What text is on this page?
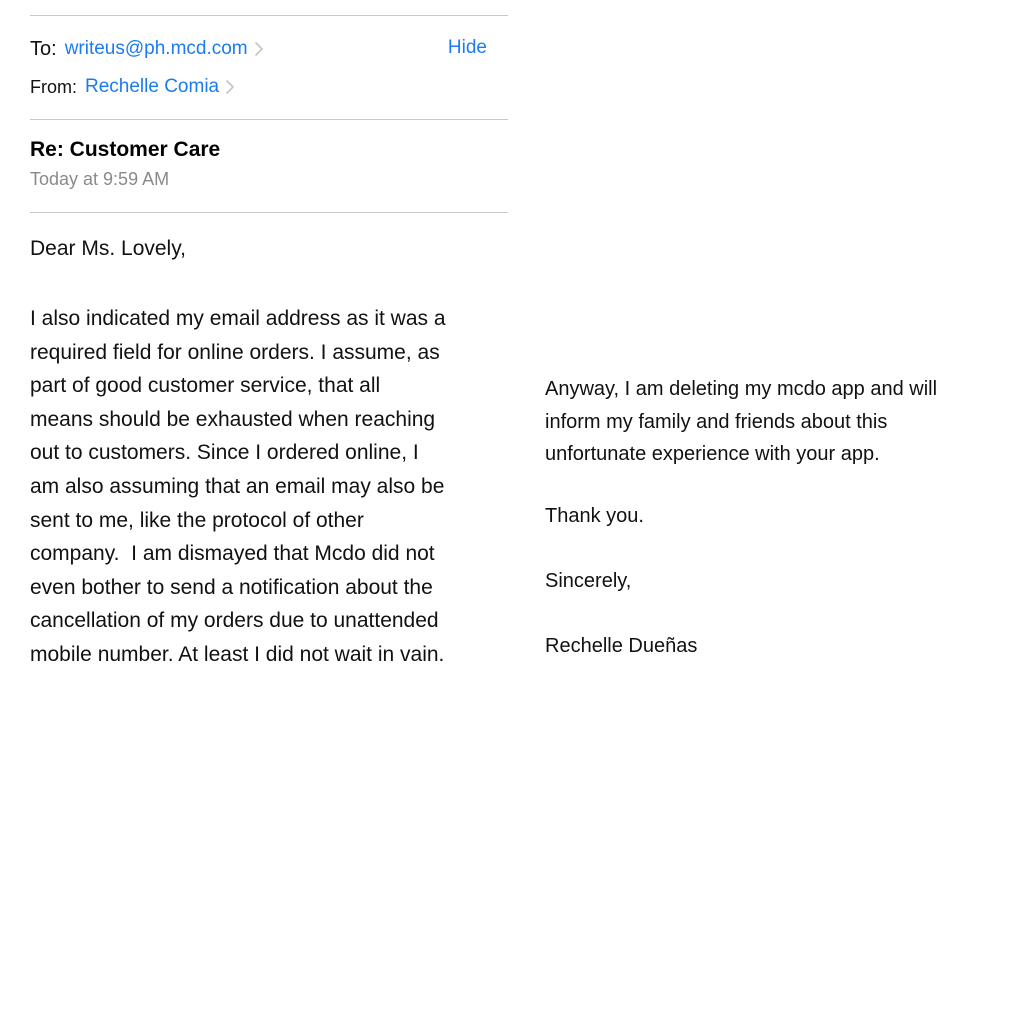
To: writeus@ph.mcd.com	Hide
From: Rechelle Comia
Re: Customer Care
Today at 9:59 AM
Dear Ms. Lovely,
I also indicated my email address as it was a
required field for online orders. I assume, as
part of good customer service, that all
means should be exhausted when reaching
out to customers. Since I ordered online, I
am also assuming that an email may also be
sent to me, like the protocol of other
company.  I am dismayed that Mcdo did not
even bother to send a notification about the
cancellation of my orders due to unattended
mobile number. At least I did not wait in vain.
Anyway, I am deleting my mcdo app and will
inform my family and friends about this
unfortunate experience with your app.
Thank you.
Sincerely,
Rechelle Dueñas
